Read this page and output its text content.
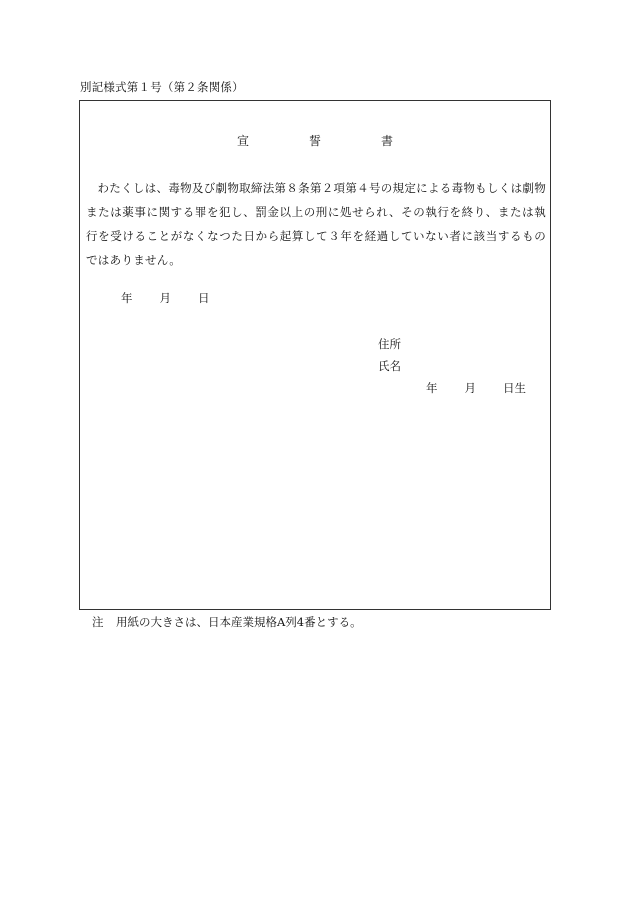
別記様式第１号（第２条関係）
宣	誓	書

わたくしは、毒物及び劇物取締法第８条第２項第４号の規定による毒物もしくは劇物または薬事に関する罪を犯し、罰金以上の刑に処せられ、その執行を終り、または執行を受けることがなくなつた日から起算して３年を経過していない者に該当するものではありません。

年 月 日
住所
氏名
年 月 日生
注 用紙の大きさは、日本産業規格A列4番とする。
